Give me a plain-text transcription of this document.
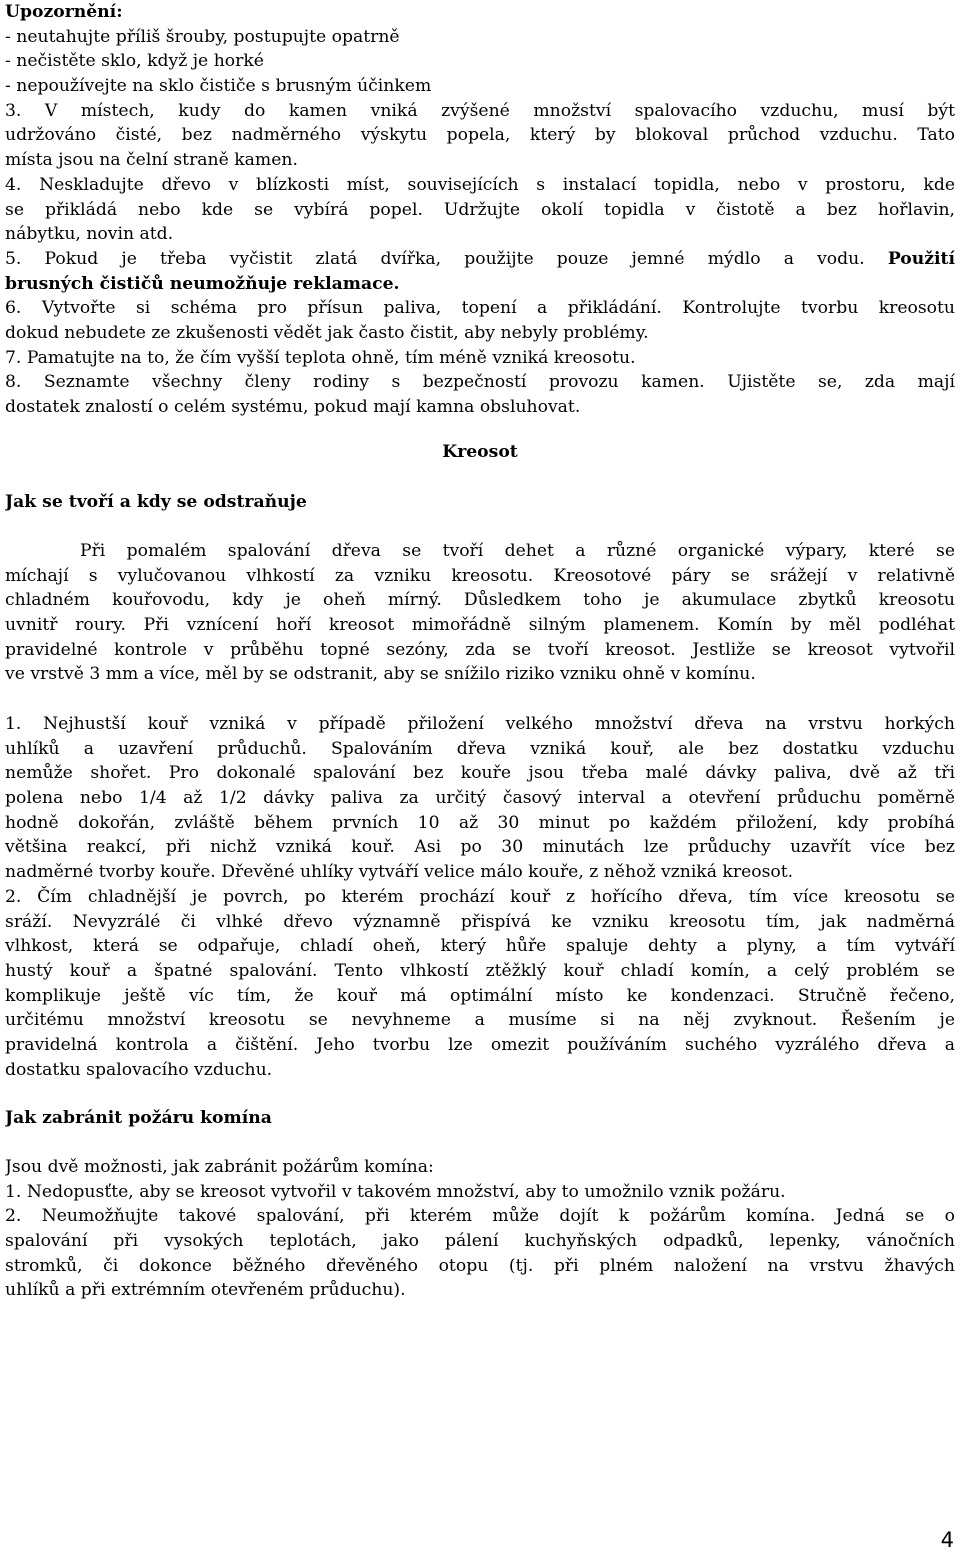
Upozornění:
- neutahujte příliš šrouby, postupujte opatrně
- nečistěte sklo, když je horké
- nepoužívejte na sklo čističe s brusným účinkem
3. V místech, kudy do kamen vniká zvýšené množství spalovacího vzduchu, musí být
udržováno čisté, bez nadměrného výskytu popela, který by blokoval průchod vzduchu. Tato
místa jsou na čelní straně kamen.
4. Neskladujte dřevo v blízkosti míst, souvisejících s instalací topidla, nebo v prostoru, kde
se přikládá nebo kde se vybírá popel. Udržujte okolí topidla v čistotě a bez hořlavin,
nábytku, novin atd.
5. Pokud je třeba vyčistit zlatá dvířka, použijte pouze jemné mýdlo a vodu. Použití
brusných čističů neumožňuje reklamace.
6. Vytvořte si schéma pro přísun paliva, topení a přikládání. Kontrolujte tvorbu kreosotu
dokud nebudete ze zkušenosti vědět jak často čistit, aby nebyly problémy.
7. Pamatujte na to, že čím vyšší teplota ohně, tím méně vzniká kreosotu.
8. Seznamte všechny členy rodiny s bezpečností provozu kamen. Ujistěte se, zda mají
dostatek znalostí o celém systému, pokud mají kamna obsluhovat.
Kreosot
Jak se tvoří a kdy se odstraňuje
Při pomalém spalování dřeva se tvoří dehet a různé organické výpary, které se
míchají s vylučovanou vlhkostí za vzniku kreosotu. Kreosotové páry se srážejí v relativně
chladném kouřovodu, kdy je oheň mírný. Důsledkem toho je akumulace zbytků kreosotu
uvnitř roury. Při vznícení hoří kreosot mimořádně silným plamenem. Komín by měl podléhat
pravidelné kontrole v průběhu topné sezóny, zda se tvoří kreosot. Jestliže se kreosot vytvořil
ve vrstvě 3 mm a více, měl by se odstranit, aby se snížilo riziko vzniku ohně v komínu.
1. Nejhustší kouř vzniká v případě přiložení velkého množství dřeva na vrstvu horkých
uhlíků a uzavření průduchů. Spalováním dřeva vzniká kouř, ale bez dostatku vzduchu
nemůže shořet. Pro dokonalé spalování bez kouře jsou třeba malé dávky paliva, dvě až tři
polena nebo 1/4 až 1/2 dávky paliva za určitý časový interval a otevření průduchu poměrně
hodně dokořán, zvláště během prvních 10 až 30 minut po každém přiložení, kdy probíhá
většina reakcí, při nichž vzniká kouř. Asi po 30 minutách lze průduchy uzavřít více bez
nadměrné tvorby kouře. Dřevěné uhlíky vytváří velice málo kouře, z něhož vzniká kreosot.
2. Čím chladnější je povrch, po kterém prochází kouř z hořícího dřeva, tím více kreosotu se
sráží. Nevyzrálé či vlhké dřevo významně přispívá ke vzniku kreosotu tím, jak nadměrná
vlhkost, která se odpařuje, chladí oheň, který hůře spaluje dehty a plyny, a tím vytváří
hustý kouř a špatné spalování. Tento vlhkostí ztěžklý kouř chladí komín, a celý problém se
komplikuje ještě víc tím, že kouř má optimální místo ke kondenzaci. Stručně řečeno,
určitému množství kreosotu se nevyhneme a musíme si na něj zvyknout. Řešením je
pravidelná kontrola a čištění. Jeho tvorbu lze omezit používáním suchého vyzrálého dřeva a
dostatku spalovacího vzduchu.
Jak zabránit požáru komína
Jsou dvě možnosti, jak zabránit požárům komína:
1. Nedopusťte, aby se kreosot vytvořil v takovém množství, aby to umožnilo vznik požáru.
2. Neumožňujte takové spalování, při kterém může dojít k požárům komína. Jedná se o
spalování při vysokých teplotách, jako pálení kuchyňských odpadků, lepenky, vánočních
stromků, či dokonce běžného dřevěného otopu (tj. při plném naložení na vrstvu žhavých
uhlíků a při extrémním otevřeném průduchu).
4
